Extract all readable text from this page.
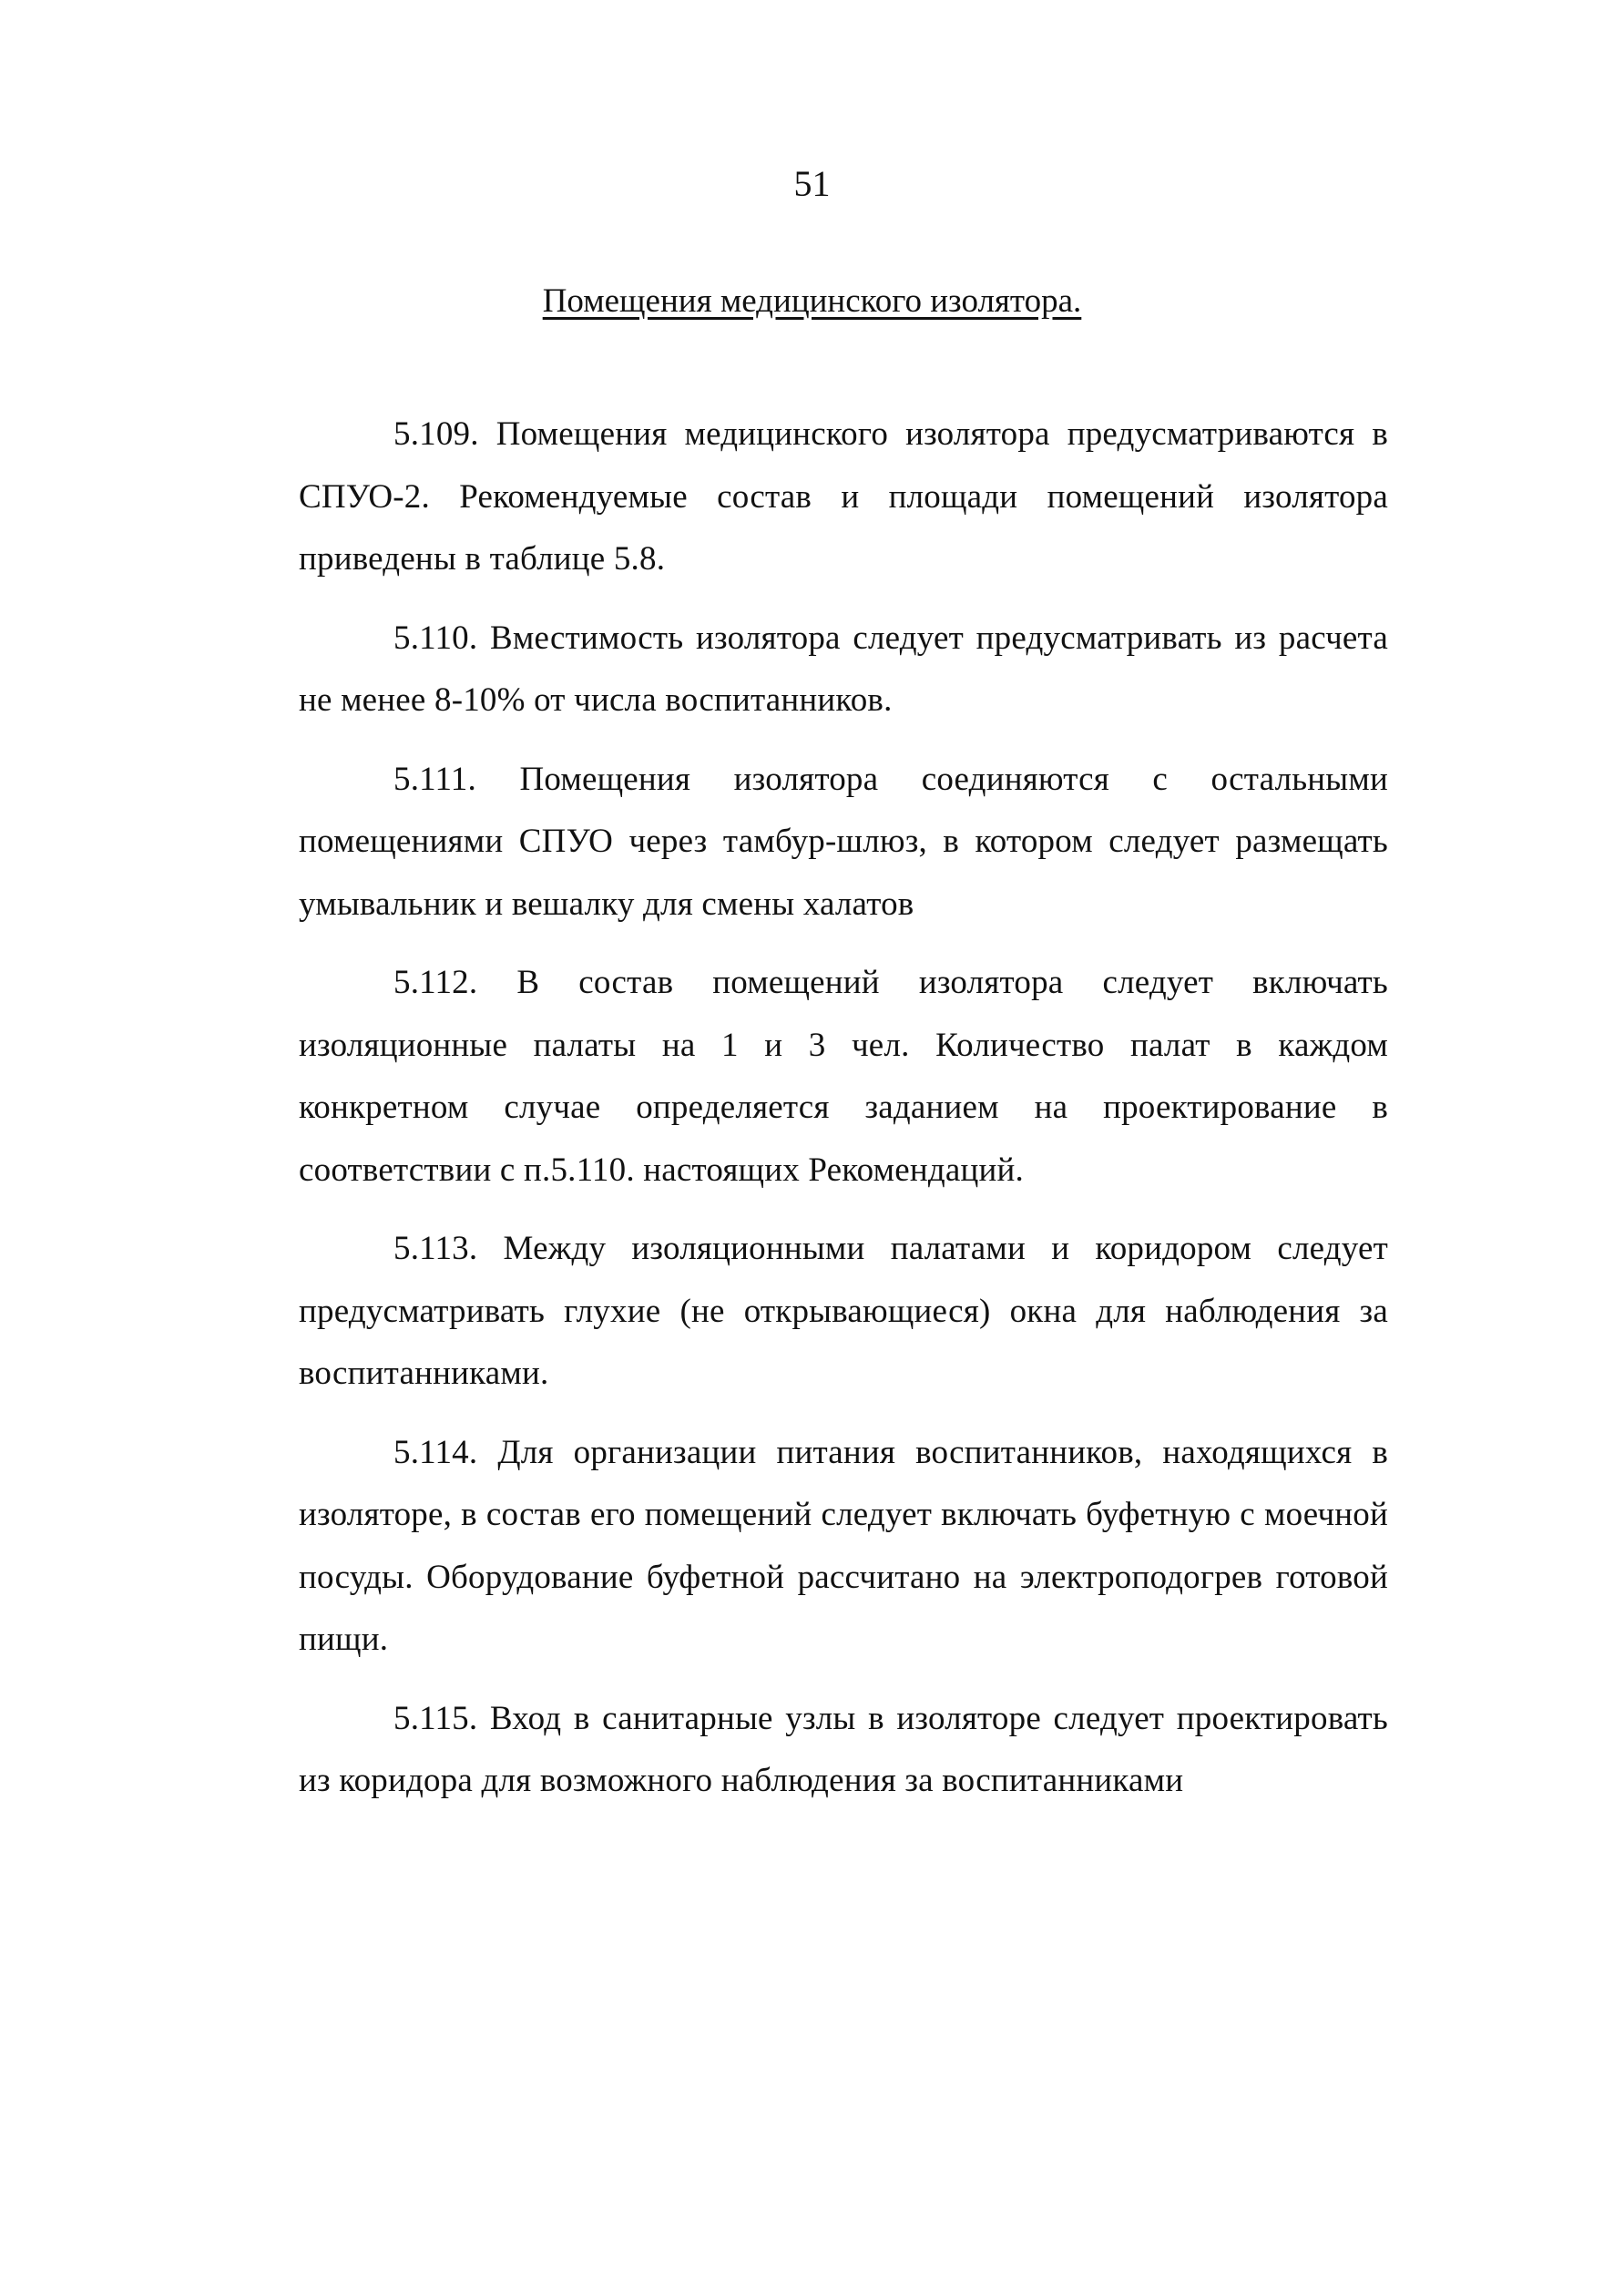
51
Помещения медицинского изолятора.

5.109. Помещения медицинского изолятора предусматриваются в СПУО-2. Рекомендуемые состав и площади помещений изолятора приведены в таблице 5.8.

5.110. Вместимость изолятора следует предусматривать из расчета не менее 8-10% от числа воспитанников.

5.111. Помещения изолятора соединяются с остальными помещениями СПУО через тамбур-шлюз, в котором следует размещать умывальник и вешалку для смены халатов

5.112. В состав помещений изолятора следует включать изоляционные палаты на 1 и 3 чел. Количество палат в каждом конкретном случае определяется заданием на проектирование в соответствии с п.5.110. настоящих Рекомендаций.

5.113. Между изоляционными палатами и коридором следует предусматривать глухие (не открывающиеся) окна для наблюдения за воспитанниками.

5.114. Для организации питания воспитанников, находящихся в изоляторе, в состав его помещений следует включать буфетную с моечной посуды. Оборудование буфетной рассчитано на электроподогрев готовой пищи.

5.115. Вход в санитарные узлы в изоляторе следует проектировать из коридора для возможного наблюдения за воспитанниками
